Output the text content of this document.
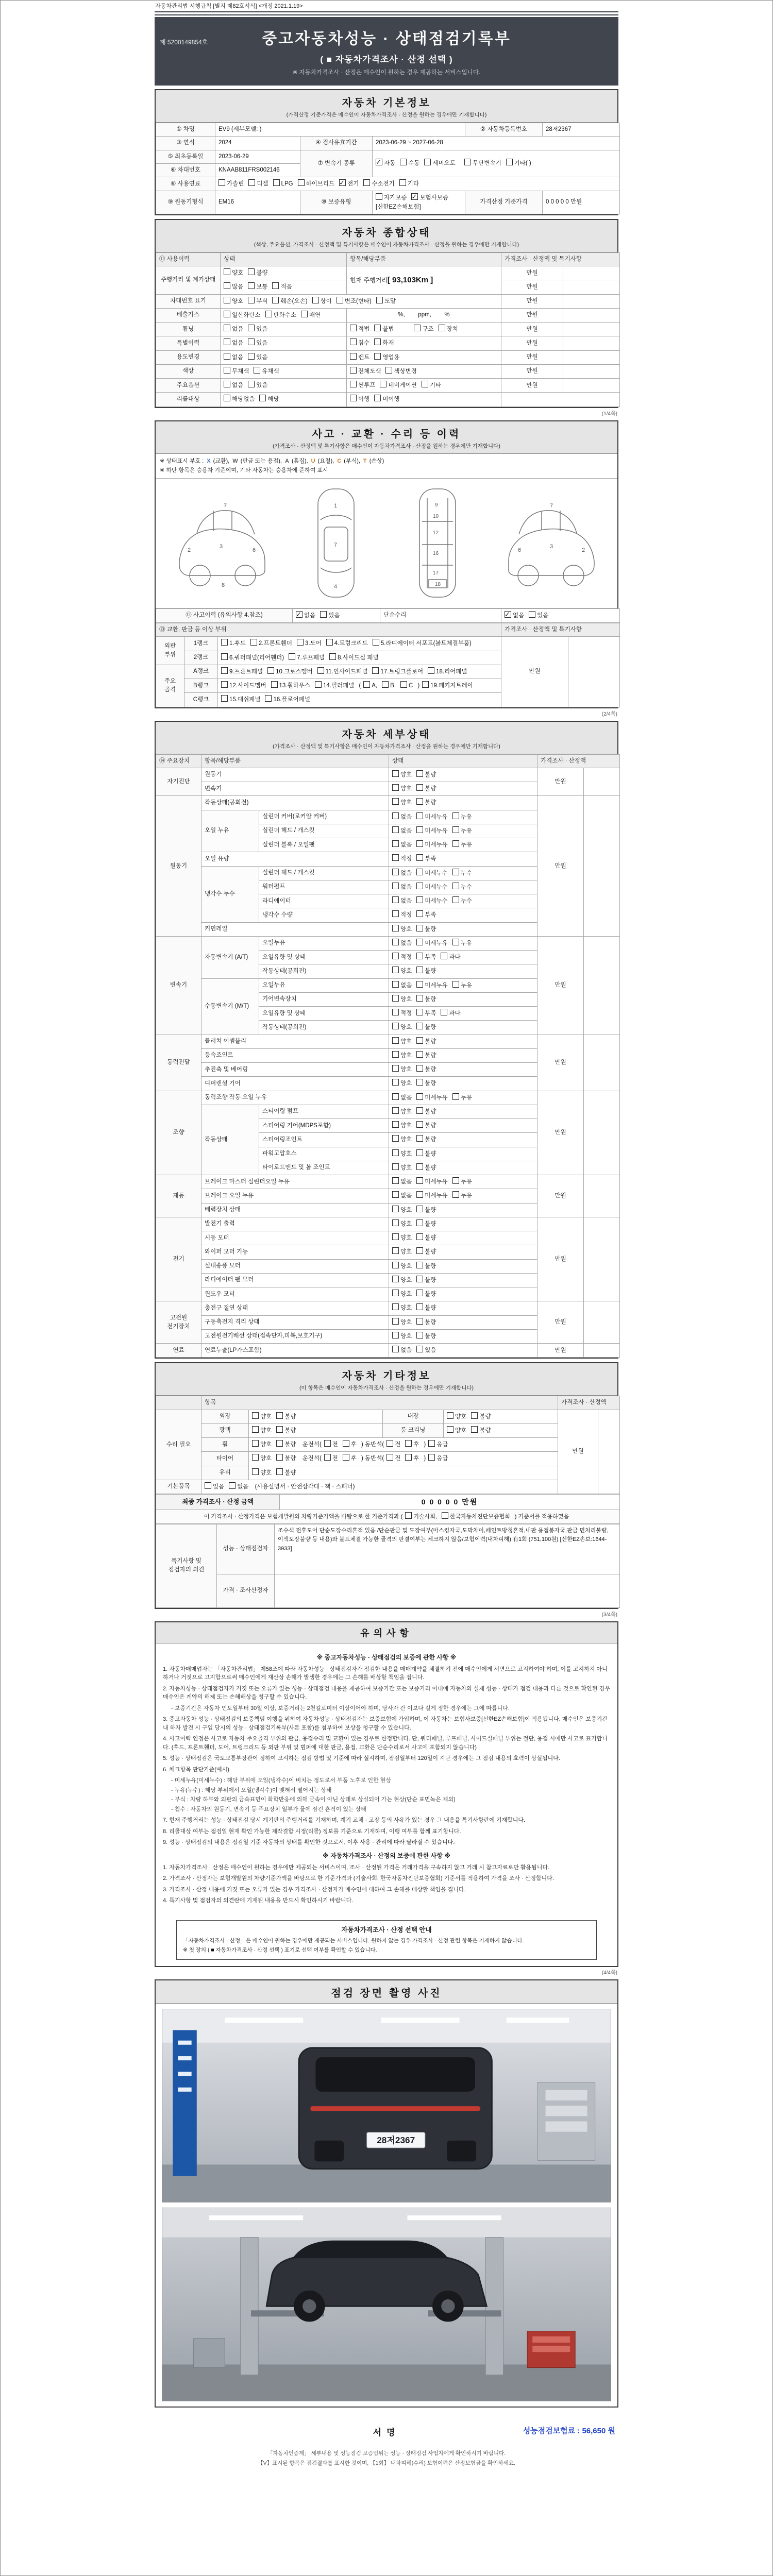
자동차관리법 시행규칙 [별지 제82호서식] <개정 2021.1.19>
제 5200149854호	중고자동차성능 · 상태점검기록부
( ■ 자동차가격조사 · 산정 선택 )
※ 자동차가격조사 · 산정은 매수인이 원하는 경우 제공하는 서비스입니다.
자동차 기본정보
(가격산정 기준가격은 매수인이 자동차가격조사 · 산정을 원하는 경우에만 기재합니다)
① 차명	EV9 (세부모델: )			② 자동차등록번호	28저2367
③ 연식	2024	④ 검사유효기간	2023-06-29 ~ 2027-06-28		
⑤ 최초등록일	2023-06-29	⑦ 변속기 종류	✓자동 수동 세미오토 무단변속기 기타( )
⑥ 차대번호	KNAAB811FRS002146				
⑧ 사용연료	가솔린 디젤 LPG 하이브리드 ✓ 전기 수소전기 기타
⑨ 원동기형식	EM16	⑩ 보증유형	자가보증 ✓ 보험사보증[신한EZ손해보험]	가격산정 기준가격	0 0 0 0 0 만원
자동차 종합상태
(색상, 주요옵션, 가격조사 · 산정액 및 특기사항은 매수인이 자동차가격조사 · 산정을 원하는 경우에만 기재합니다)
⑪ 사용이력	상태	항목/해당부품	가격조사 · 산정액 및 특기사항	
주행거리 및 계기상태	양호 불량	현재 주행거리[ 93,103Km ]	만원	
	많음 보통 적음		만원	
차대번호 표기	양호 부식 훼손(오손) 상이 변조(변타) 도말		만원	
배출가스	일산화탄소 탄화수소 매연	%,        ppm,        %	만원	
튜닝	없음 있음	적법 불법 구조 장치	만원	
특별이력	없음 있음	침수 화재	만원	
용도변경	없음 있음	렌트 영업용	만원	
색상	무채색 유채색	전체도색 색상변경	만원	
주요옵션	없음 있음	썬루프 네비게이션 기타	만원	
리콜대상	해당없음 해당	이행 미이행		
(1/4쪽)
사고 · 교환 · 수리 등 이력
(가격조사 · 산정액 및 특기사항은 매수인이 자동차가격조사 · 산정을 원하는 경우에만 기재합니다)
※ 상태표시 부호 : X (교환), W (판금 또는 용접), A (흠집), U (요철), C (부식), T (손상)
※ 하단 항목은 승용차 기준이며, 기타 자동차는 승용차에 준하여 표시
2
3
6
7
8
1
7
4
9
10
12
16
17
18
2
3
6
7
⑫ 사고이력 (유의사항 4.참조)	✓없음 있음	단순수리	✓없음 있음
⑬ 교환, 판금 등 이상 부위			가격조사 · 산정액 및 특기사항	
외판 부위	1랭크	1.후드 2.프론트휀더 3.도어 4.트렁크리드 5.라디에이터 서포트(볼트체결부품)	만원	
	2랭크	6.쿼터패널(리어휀더) 7.루프패널 8.사이드실 패널		
주요 골격	A랭크	9.프론트패널 10.크로스멤버 11.인사이드패널 17.트렁크플로어 18.리어패널		
	B랭크	12.사이드멤버 13.휠하우스 14.필러패널 ( A, B, C ) 19.패키지트레이		
	C랭크	15.대쉬패널 16.플로어패널		
(2/4쪽)
자동차 세부상태
(가격조사 · 산정액 및 특기사항은 매수인이 자동차가격조사 · 산정을 원하는 경우에만 기재합니다)
⑭ 주요장치	항목/해당부품		상태	가격조사 · 산정액	
자기진단	원동기		양호 불량	만원	
	변속기		양호 불량		
원동기	작동상태(공회전)		양호 불량	만원	
	오일 누유	실린더 커버(로커암 커버)	없음 미세누유 누유		
		실린더 헤드 / 개스킷	없음 미세누유 누유		
		실린더 블록 / 오일팬	없음 미세누유 누유		
	오일 유량		적정 부족		
	냉각수 누수	실린더 헤드 / 개스킷	없음 미세누수 누수		
		워터펌프	없음 미세누수 누수		
		라디에이터	없음 미세누수 누수		
		냉각수 수량	적정 부족		
	커먼레일		양호 불량		
변속기	자동변속기 (A/T)	오일누유	없음 미세누유 누유	만원	
		오일유량 및 상태	적정 부족 과다		
		작동상태(공회전)	양호 불량		
	수동변속기 (M/T)	오일누유	없음 미세누유 누유		
		기어변속장치	양호 불량		
		오일유량 및 상태	적정 부족 과다		
		작동상태(공회전)	양호 불량		
동력전달	클러치 어셈블리		양호 불량	만원	
	등속조인트		양호 불량		
	추진축 및 베어링		양호 불량		
	디퍼렌셜 기어		양호 불량		
조향	동력조향 작동 오일 누유		없음 미세누유 누유	만원	
	작동상태	스티어링 펌프	양호 불량		
		스티어링 기어(MDPS포함)	양호 불량		
		스티어링조인트	양호 불량		
		파워고압호스	양호 불량		
		타이로드엔드 및 볼 조인트	양호 불량		
제동	브레이크 마스터 실린더오일 누유		없음 미세누유 누유	만원	
	브레이크 오일 누유		없음 미세누유 누유		
	배력장치 상태		양호 불량		
전기	발전기 출력		양호 불량	만원	
	시동 모터		양호 불량		
	와이퍼 모터 기능		양호 불량		
	실내송풍 모터		양호 불량		
	라디에이터 팬 모터		양호 불량		
	윈도우 모터		양호 불량		
고전원 전기장치	충전구 절연 상태		양호 불량	만원	
	구동축전지 격리 상태		양호 불량		
	고전원전기배선 상태(접속단자,피복,보호기구)		양호 불량		
연료	연료누출(LP가스포함)		없음 있음	만원	
자동차 기타정보
(이 항목은 매수인이 자동차가격조사 · 산정을 원하는 경우에만 기재합니다)
	항목				가격조사 · 산정액	
수리 필요	외장	양호 불량	내장	양호 불량	만원	
	광택	양호 불량	룸 크리닝	양호 불량		
	휠	양호 불량 운전석( 전 후 ) 동반석( 전 후 ) 응급				
	타이어	양호 불량 운전석( 전 후 ) 동반석( 전 후 ) 응급				
	유리	양호 불량				
기본품목	있음 없음 (사용설명서 · 안전삼각대 · 잭 · 스패너)					
최종 가격조사 · 산정 금액	0 0 0 0 0 만원
이 가격조사 · 산정가격은 보험개발원의 차량기준가액을 바탕으로 한 기준가격과 ( 기술사회, 한국자동차진단보증협회 ) 기준서를 적용하였음
특기사항 및 점검자의 의견	성능 · 상태점검자	조수석 전후도어 단순도장수리흔적 있음 /단순판금 및 도장여부(마스킹자국,도막차이,페인트방청흔적,내판 용접봉자국,판금 면처리불량,이색도장불량 등 내용)와 볼트체결 가능한 골격의 판결여부는 체크하지 않음/보험이력(내차피해) 有1회 (751,100원) [신한EZ손보:1644-3933]
	가격 · 조사산정자	
(3/4쪽)
유의사항
※ 중고자동차성능 · 상태점검의 보증에 관한 사항 ※
1. 자동차매매업자는 「자동차관리법」 제58조에 따라 자동차성능 · 상태점검자가 점검한 내용을 매매계약을 체결하기 전에 매수인에게 서면으로 고지하여야 하며, 이를 고지하지 아니하거나 거짓으로 고지함으로써 매수인에게 재산상 손해가 발생한 경우에는 그 손해를 배상할 책임을 집니다.
2. 자동차성능 · 상태점검자가 거짓 또는 오류가 있는 성능 · 상태점검 내용을 제공하여 보증기간 또는 보증거리 이내에 자동차의 실제 성능 · 상태가 점검 내용과 다른 것으로 확인된 경우 매수인은 계약의 해제 또는 손해배상을 청구할 수 있습니다.
- 보증기간은 자동차 인도일부터 30일 이상, 보증거리는 2천킬로미터 이상이어야 하며, 당사자 간 이보다 길게 정한 경우에는 그에 따릅니다.
3. 중고자동차 성능 · 상태점검의 보증책임 이행을 위하여 자동차성능 · 상태점검자는 보증보험에 가입하며, 이 자동차는 보험사보증[신한EZ손해보험]이 적용됩니다. 매수인은 보증기간 내 하자 발견 시 구입 당시의 성능 · 상태점검기록부(사본 포함)를 첨부하여 보상을 청구할 수 있습니다.
4. 사고이력 인정은 사고로 자동차 주요골격 부위의 판금, 용접수리 및 교환이 있는 경우로 한정합니다. 단, 쿼터패널, 루프패널, 사이드실패널 부위는 절단, 용접 시에만 사고로 표기합니다. (후드, 프론트휀더, 도어, 트렁크리드 등 외판 부위 및 범퍼에 대한 판금, 용접, 교환은 단순수리로서 사고에 포함되지 않습니다)
5. 성능 · 상태점검은 국토교통부장관이 정하여 고시하는 점검 방법 및 기준에 따라 실시하며, 점검일부터 120일이 지난 경우에는 그 점검 내용의 효력이 상실됩니다.
6. 체크항목 판단기준(예시)
- 미세누유(미세누수) : 해당 부위에 오일(냉각수)이 비치는 정도로서 부품 노후로 인한 현상
- 누유(누수) : 해당 부위에서 오일(냉각수)이 맺혀서 떨어지는 상태
- 부식 : 차량 하부와 외판의 금속표면이 화학반응에 의해 금속이 아닌 상태로 상실되어 가는 현상(단순 표면녹은 제외)
- 침수 : 자동차의 원동기, 변속기 등 주요장치 일부가 물에 잠긴 흔적이 있는 상태
7. 현재 주행거리는 성능 · 상태점검 당시 계기판의 주행거리를 기재하며, 계기 교체 · 고장 등의 사유가 있는 경우 그 내용을 특기사항란에 기재합니다.
8. 리콜대상 여부는 점검일 현재 확인 가능한 제작결함 시정(리콜) 정보를 기준으로 기재하며, 이행 여부를 함께 표기합니다.
9. 성능 · 상태점검의 내용은 점검일 기준 자동차의 상태를 확인한 것으로서, 이후 사용 · 관리에 따라 달라질 수 있습니다.
※ 자동차가격조사 · 산정의 보증에 관한 사항 ※
1. 자동차가격조사 · 산정은 매수인이 원하는 경우에만 제공되는 서비스이며, 조사 · 산정된 가격은 거래가격을 구속하지 않고 거래 시 참고자료로만 활용됩니다.
2. 가격조사 · 산정자는 보험개발원의 차량기준가액을 바탕으로 한 기준가격과 (기술사회, 한국자동차진단보증협회) 기준서를 적용하여 가격을 조사 · 산정합니다.
3. 가격조사 · 산정 내용에 거짓 또는 오류가 있는 경우 가격조사 · 산정자가 매수인에 대하여 그 손해를 배상할 책임을 집니다.
4. 특기사항 및 점검자의 의견란에 기재된 내용을 반드시 확인하시기 바랍니다.
자동차가격조사 · 산정 선택 안내
「자동차가격조사 · 산정」은 매수인이 원하는 경우에만 제공되는 서비스입니다. 원하지 않는 경우 가격조사 · 산정 관련 항목은 기재하지 않습니다.
※ 첫 장의 ( ■ 자동차가격조사 · 산정 선택 ) 표기로 선택 여부를 확인할 수 있습니다.
(4/4쪽)
점검 장면 촬영 사진
28저2367
서명	성능점검보험료 : 56,650 원
「자동차인증제」 세부내용 및 성능점검 보증범위는 성능 · 상태점검 사업자에게 확인하시기 바랍니다.
【V】표시된 항목은 점검결과를 표시한 것이며, 【1회】 내차피해(수리) 보험이력은 산정보험금을 확인하세요.
